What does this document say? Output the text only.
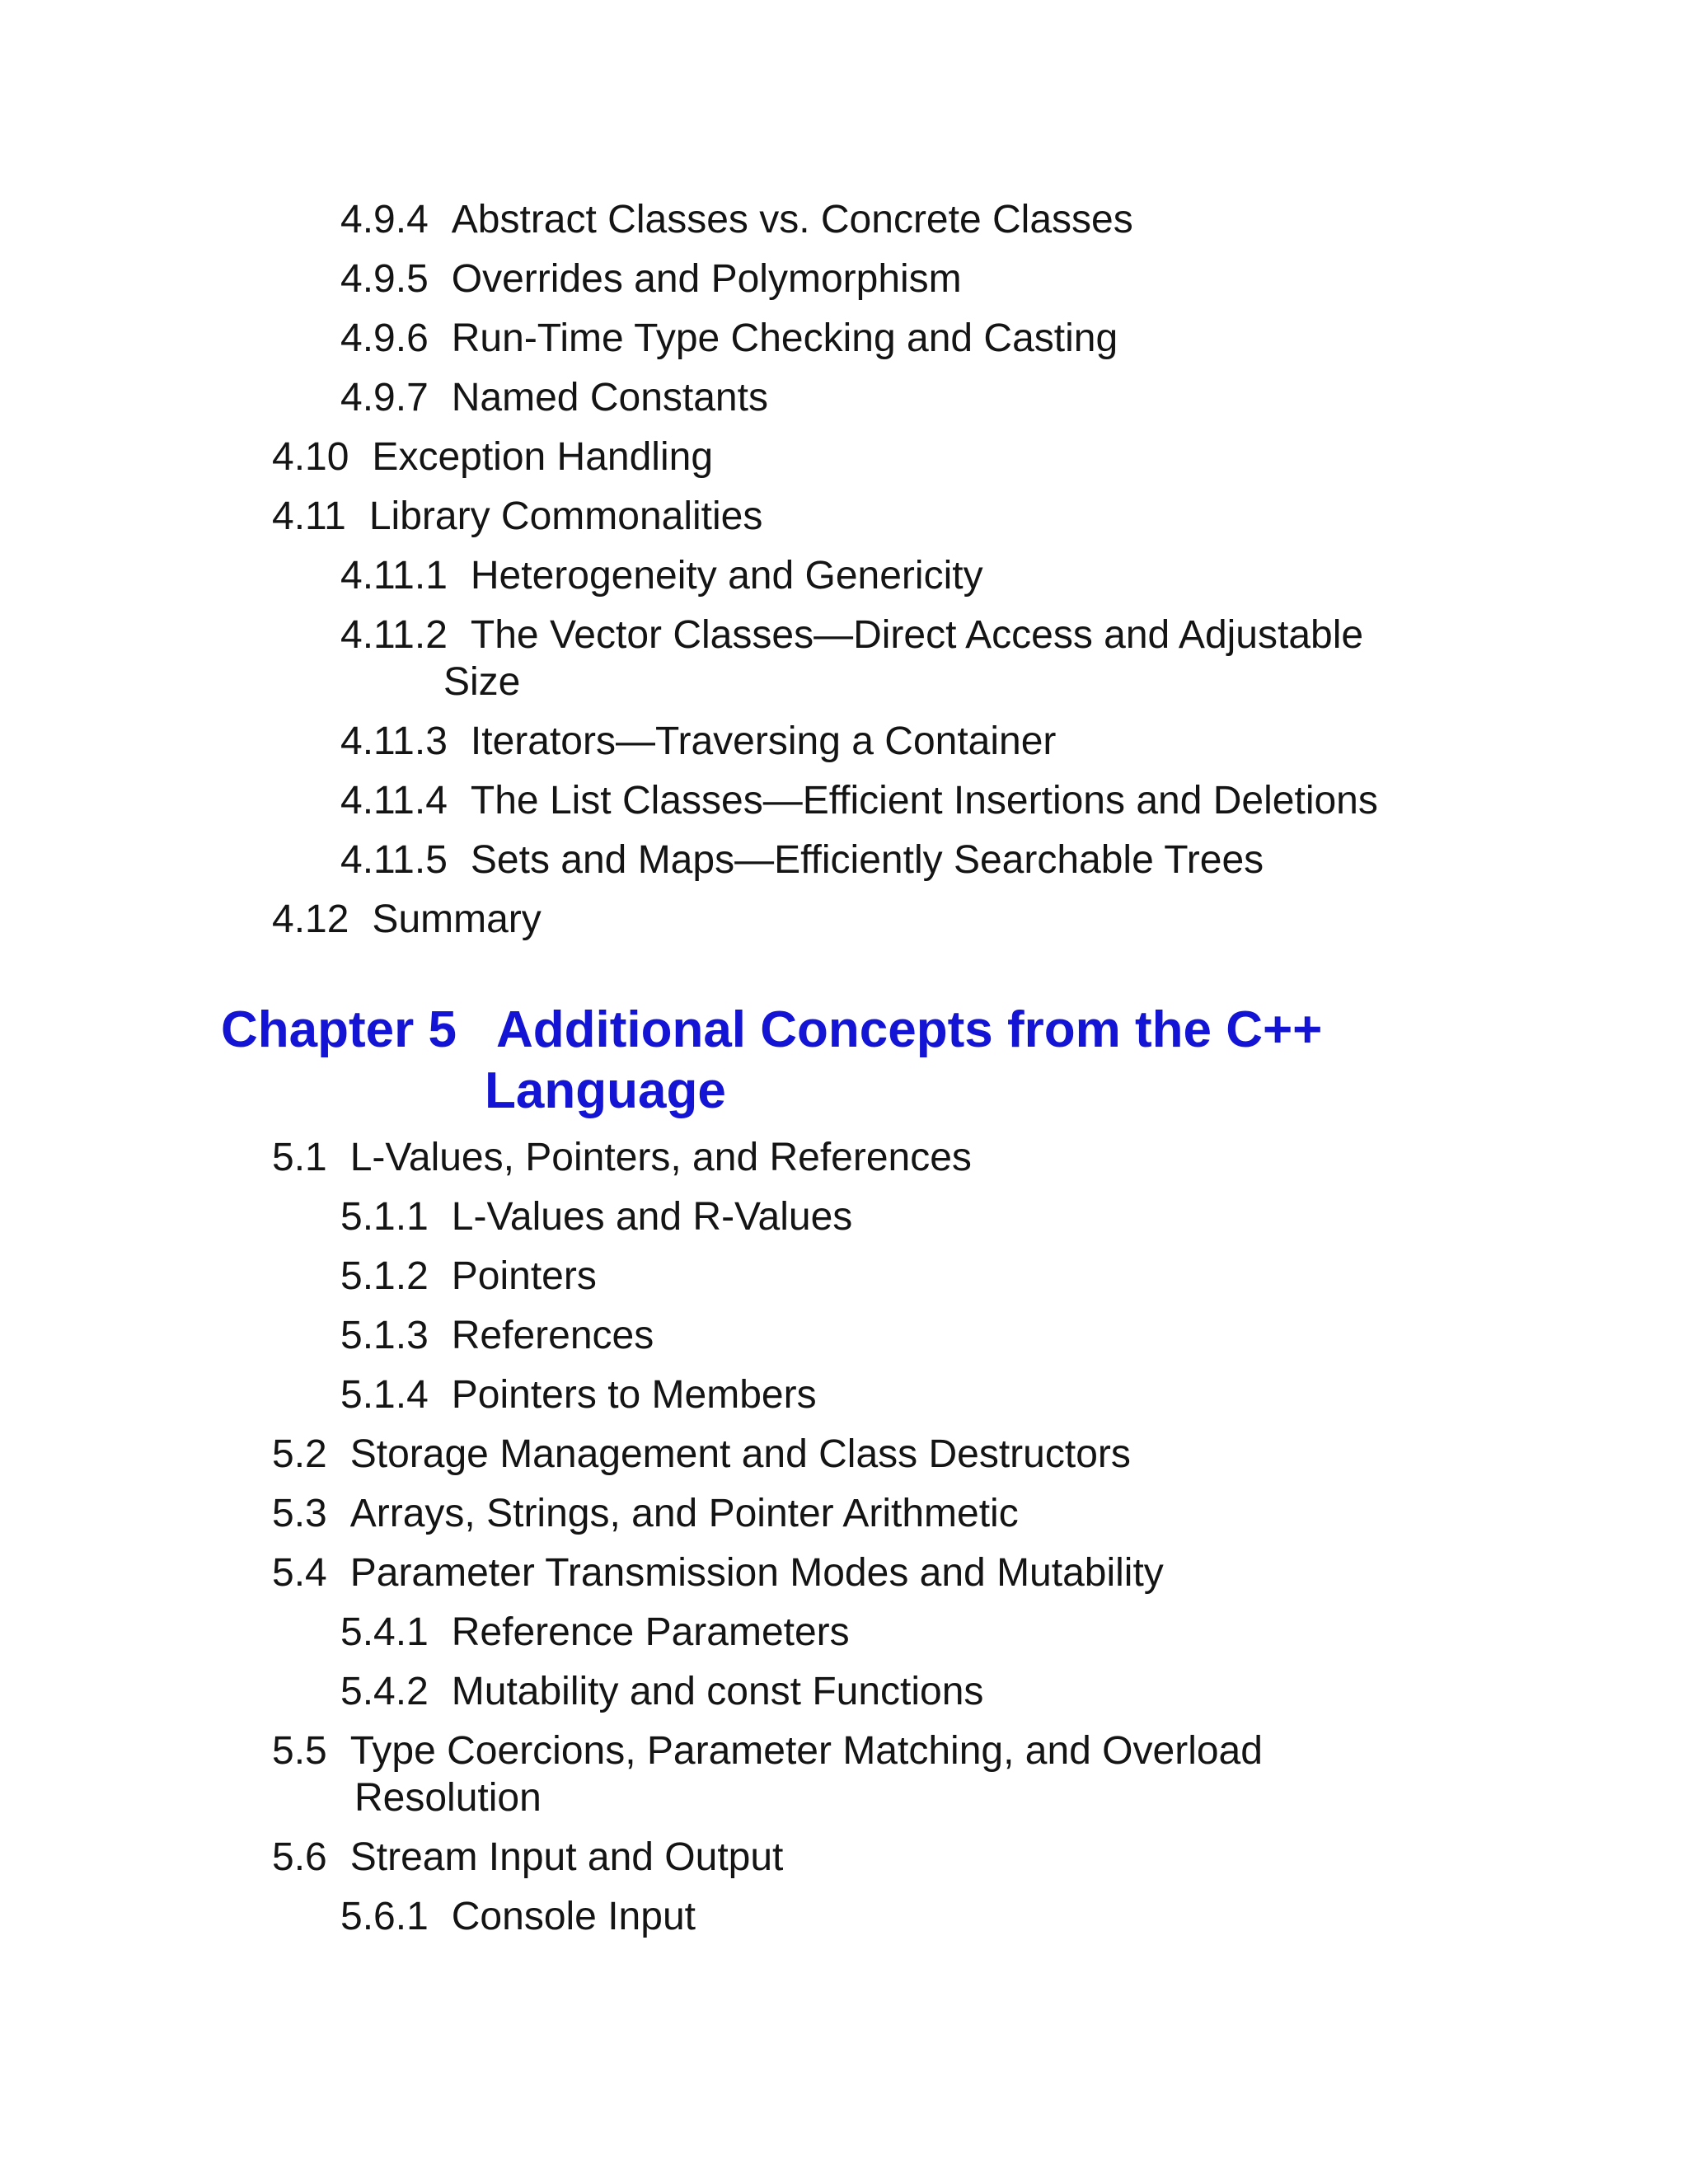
4.9.4 Abstract Classes vs. Concrete Classes
4.9.5 Overrides and Polymorphism
4.9.6 Run-Time Type Checking and Casting
4.9.7 Named Constants
4.10 Exception Handling
4.11 Library Commonalities
4.11.1 Heterogeneity and Genericity
4.11.2 The Vector Classes—Direct Access and Adjustable
Size
4.11.3 Iterators—Traversing a Container
4.11.4 The List Classes—Efficient Insertions and Deletions
4.11.5 Sets and Maps—Efficiently Searchable Trees
4.12 Summary
Chapter 5 Additional Concepts from the C++
Language
5.1 L-Values, Pointers, and References
5.1.1 L-Values and R-Values
5.1.2 Pointers
5.1.3 References
5.1.4 Pointers to Members
5.2 Storage Management and Class Destructors
5.3 Arrays, Strings, and Pointer Arithmetic
5.4 Parameter Transmission Modes and Mutability
5.4.1 Reference Parameters
5.4.2 Mutability and const Functions
5.5 Type Coercions, Parameter Matching, and Overload
Resolution
5.6 Stream Input and Output
5.6.1 Console Input
